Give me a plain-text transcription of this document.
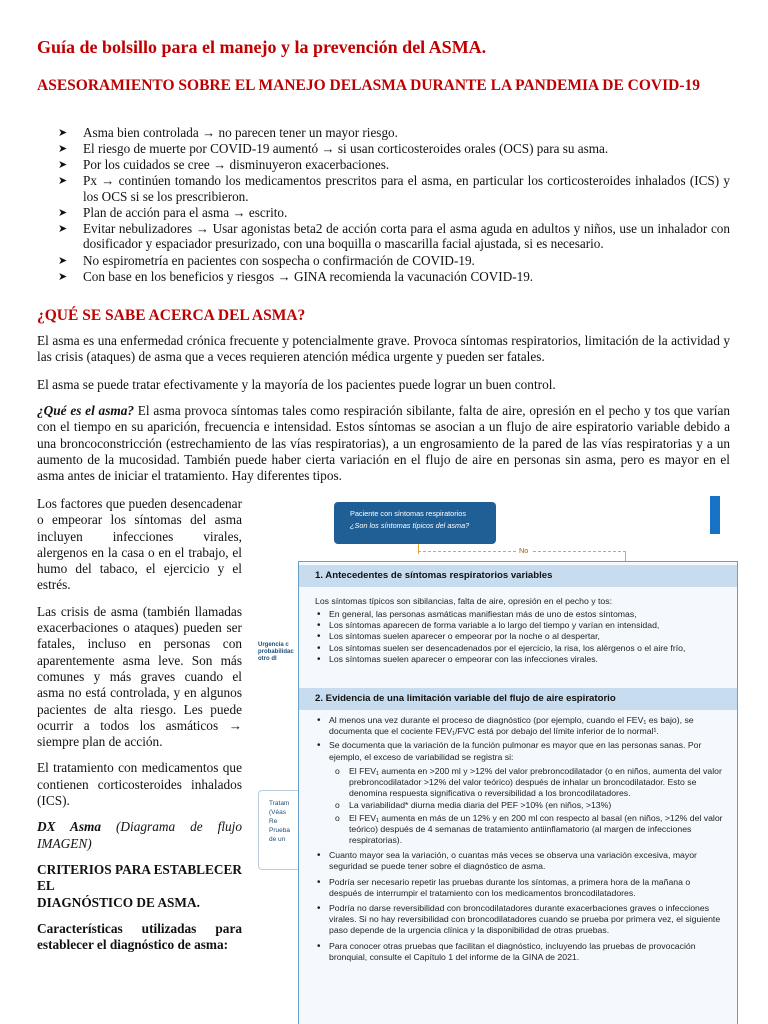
Guía de bolsillo para el manejo y la prevención del ASMA.
ASESORAMIENTO SOBRE EL MANEJO DELASMA DURANTE LA PANDEMIA DE COVID-19
➤ Asma bien controlada → no parecen tener un mayor riesgo.
➤ El riesgo de muerte por COVID-19 aumentó → si usan corticosteroides orales (OCS) para su asma.
➤ Por los cuidados se cree → disminuyeron exacerbaciones.
➤ Px → continúen tomando los medicamentos prescritos para el asma, en particular los corticosteroides inhalados (ICS) y los OCS si se los prescribieron.
➤ Plan de acción para el asma → escrito.
➤ Evitar nebulizadores → Usar agonistas beta2 de acción corta para el asma aguda en adultos y niños, use un inhalador con dosificador y espaciador presurizado, con una boquilla o mascarilla facial ajustada, si es necesario.
➤ No espirometría en pacientes con sospecha o confirmación de COVID-19.
➤ Con base en los beneficios y riesgos → GINA recomienda la vacunación COVID-19.
¿QUÉ SE SABE ACERCA DEL ASMA?

El asma es una enfermedad crónica frecuente y potencialmente grave. Provoca síntomas respiratorios, limitación de la actividad y las crisis (ataques) de asma que a veces requieren atención médica urgente y pueden ser fatales.

El asma se puede tratar efectivamente y la mayoría de los pacientes puede lograr un buen control.

¿Qué es el asma? El asma provoca síntomas tales como respiración sibilante, falta de aire, opresión en el pecho y tos que varían con el tiempo en su aparición, frecuencia e intensidad. Estos síntomas se asocian a un flujo de aire espiratorio variable debido a una broncoconstricción (estrechamiento de las vías respiratorias), a un engrosamiento de la pared de las vías respiratorias y a un aumento de la mucosidad. También puede haber cierta variación en el flujo de aire en personas sin asma, pero es mayor en el asma antes de iniciar el tratamiento. Hay diferentes tipos.

Los factores que pueden desencadenar o empeorar los síntomas del asma incluyen infecciones virales, alergenos en la casa o en el trabajo, el humo del tabaco, el ejercicio y el estrés.

Las crisis de asma (también llamadas exacerbaciones o ataques) pueden ser fatales, incluso en personas con aparentemente asma leve. Son más comunes y más graves cuando el asma no está controlada, y en algunos pacientes de alta riesgo. Les puede ocurrir a todos los asmáticos → siempre plan de acción.

El tratamiento con medicamentos que contienen corticosteroides inhalados (ICS).

DX Asma (Diagrama de flujo IMAGEN)

CRITERIOS PARA ESTABLECER EL

DIAGNÓSTICO DE ASMA.

Características utilizadas para establecer el diagnóstico de asma:

Paciente con síntomas respiratorios
¿Son los síntomas típicos del asma?
No
Urgencia c probabilidac otro dl
Tratam
(Véas
Re
Prueba
de un
1. Antecedentes de síntomas respiratorios variables
Los síntomas típicos son sibilancias, falta de aire, opresión en el pecho y tos:
• En general, las personas asmáticas manifiestan más de uno de estos síntomas,
• Los síntomas aparecen de forma variable a lo largo del tiempo y varían en intensidad,
• Los síntomas suelen aparecer o empeorar por la noche o al despertar,
• Los síntomas suelen ser desencadenados por el ejercicio, la risa, los alérgenos o el aire frío,
• Los síntomas suelen aparecer o empeorar con las infecciones virales.
2. Evidencia de una limitación variable del flujo de aire espiratorio
• Al menos una vez durante el proceso de diagnóstico (por ejemplo, cuando el FEV₁ es bajo), se documenta que el cociente FEV₁/FVC está por debajo del límite inferior de lo normal¹.
• Se documenta que la variación de la función pulmonar es mayor que en las personas sanas. Por ejemplo, el exceso de variabilidad se registra si:
o El FEV₁ aumenta en >200 ml y >12% del valor prebroncodilatador (o en niños, aumenta del valor prebroncodilatador >12% del valor teórico) después de inhalar un broncodilatador. Esto se denomina respuesta significativa o reversibilidad a los broncodilatadores.
o La variabilidad* diurna media diaria del PEF >10% (en niños, >13%)
o El FEV₁ aumenta en más de un 12% y en 200 ml con respecto al basal (en niños, >12% del valor teórico) después de 4 semanas de tratamiento antiinflamatorio (al margen de infecciones respiratorias).
• Cuanto mayor sea la variación, o cuantas más veces se observa una variación excesiva, mayor seguridad se puede tener sobre el diagnóstico de asma.
• Podría ser necesario repetir las pruebas durante los síntomas, a primera hora de la mañana o después de interrumpir el tratamiento con los medicamentos broncodilatadores.
• Podría no darse reversibilidad con broncodilatadores durante exacerbaciones graves o infecciones virales. Si no hay reversibilidad con broncodilatadores cuando se prueba por primera vez, el siguiente paso depende de la urgencia clínica y la disponibilidad de otras pruebas.
• Para conocer otras pruebas que facilitan el diagnóstico, incluyendo las pruebas de provocación bronquial, consulte el Capítulo 1 del informe de la GINA de 2021.
